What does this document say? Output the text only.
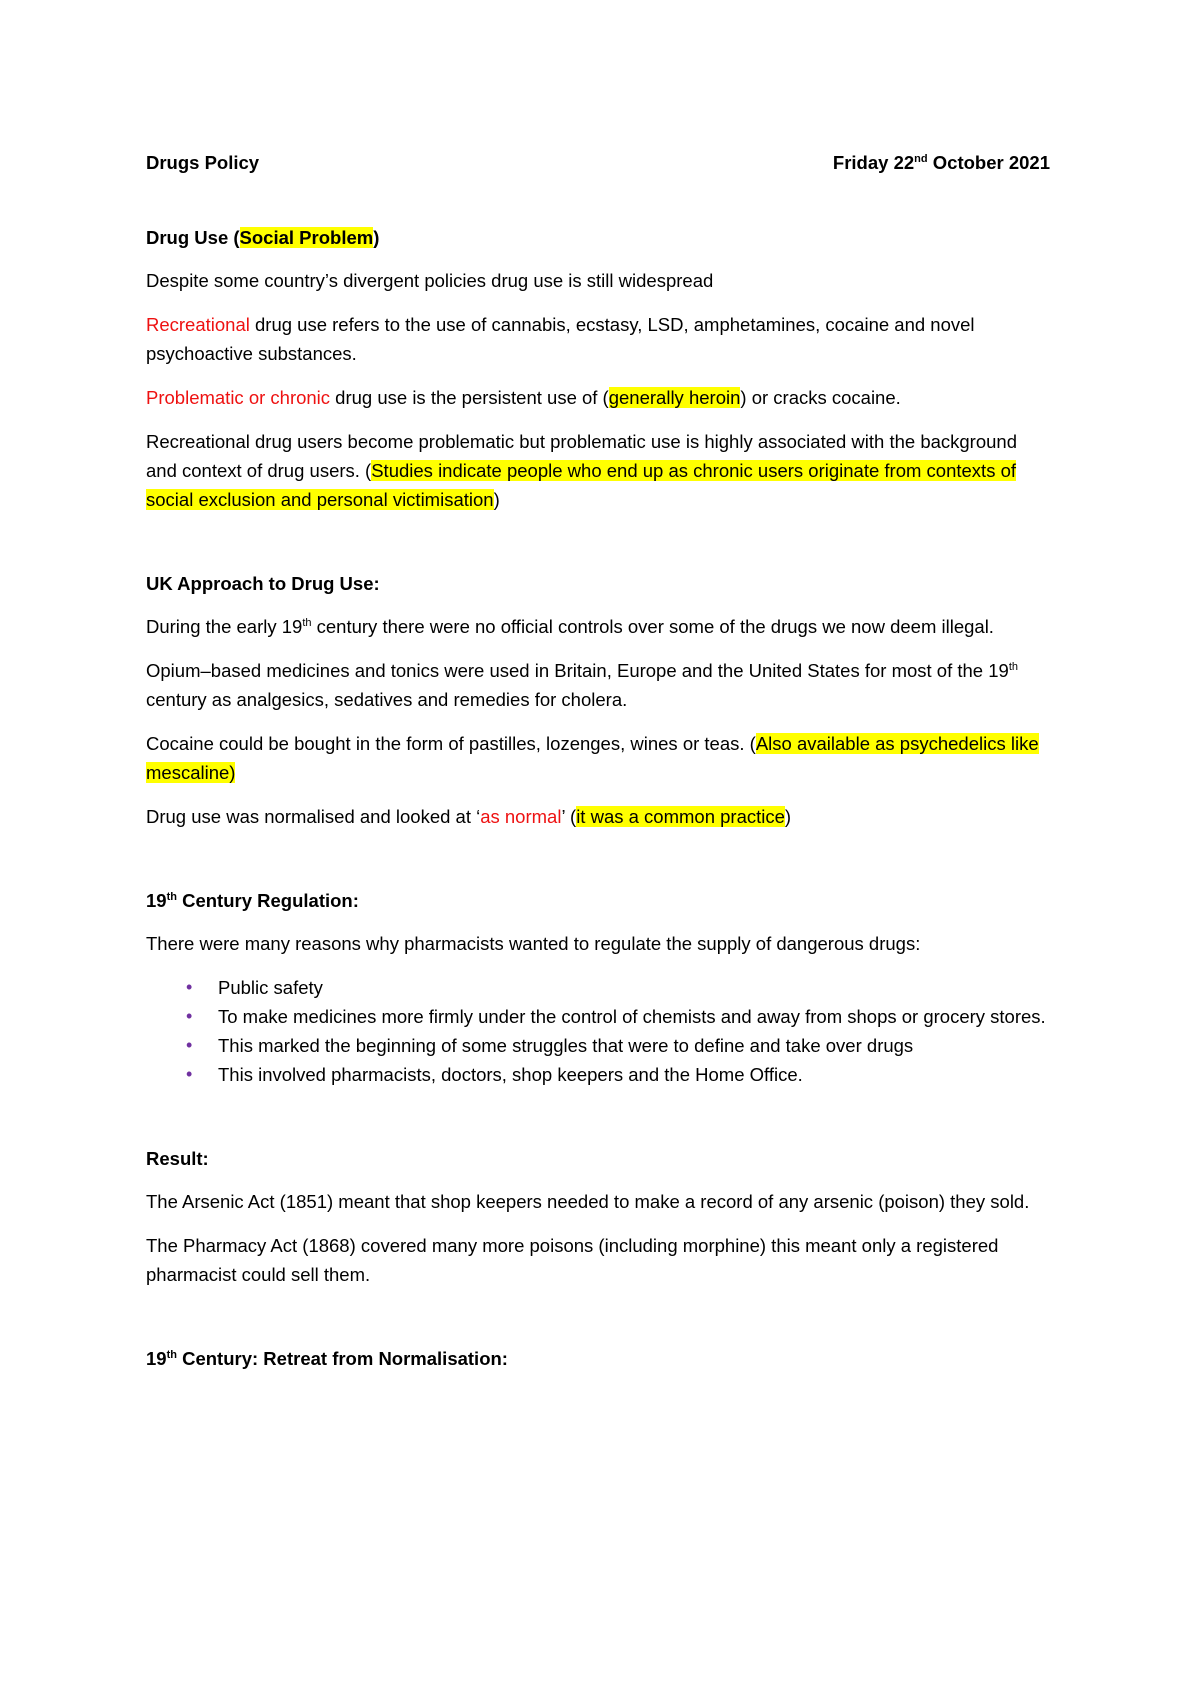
Drugs Policy	Friday 22nd October 2021
Drug Use (Social Problem)

Despite some country’s divergent policies drug use is still widespread

Recreational drug use refers to the use of cannabis, ecstasy, LSD, amphetamines, cocaine and novel psychoactive substances.

Problematic or chronic drug use is the persistent use of (generally heroin) or cracks cocaine.

Recreational drug users become problematic but problematic use is highly associated with the background and context of drug users. (Studies indicate people who end up as chronic users originate from contexts of social exclusion and personal victimisation)

UK Approach to Drug Use:

During the early 19th century there were no official controls over some of the drugs we now deem illegal.

Opium–based medicines and tonics were used in Britain, Europe and the United States for most of the 19th century as analgesics, sedatives and remedies for cholera.

Cocaine could be bought in the form of pastilles, lozenges, wines or teas. (Also available as psychedelics like mescaline)

Drug use was normalised and looked at ‘as normal’ (it was a common practice)

19th Century Regulation:

There were many reasons why pharmacists wanted to regulate the supply of dangerous drugs:

• Public safety
• To make medicines more firmly under the control of chemists and away from shops or grocery stores.
• This marked the beginning of some struggles that were to define and take over drugs
• This involved pharmacists, doctors, shop keepers and the Home Office.
Result:

The Arsenic Act (1851) meant that shop keepers needed to make a record of any arsenic (poison) they sold.

The Pharmacy Act (1868) covered many more poisons (including morphine) this meant only a registered pharmacist could sell them.

19th Century: Retreat from Normalisation:
